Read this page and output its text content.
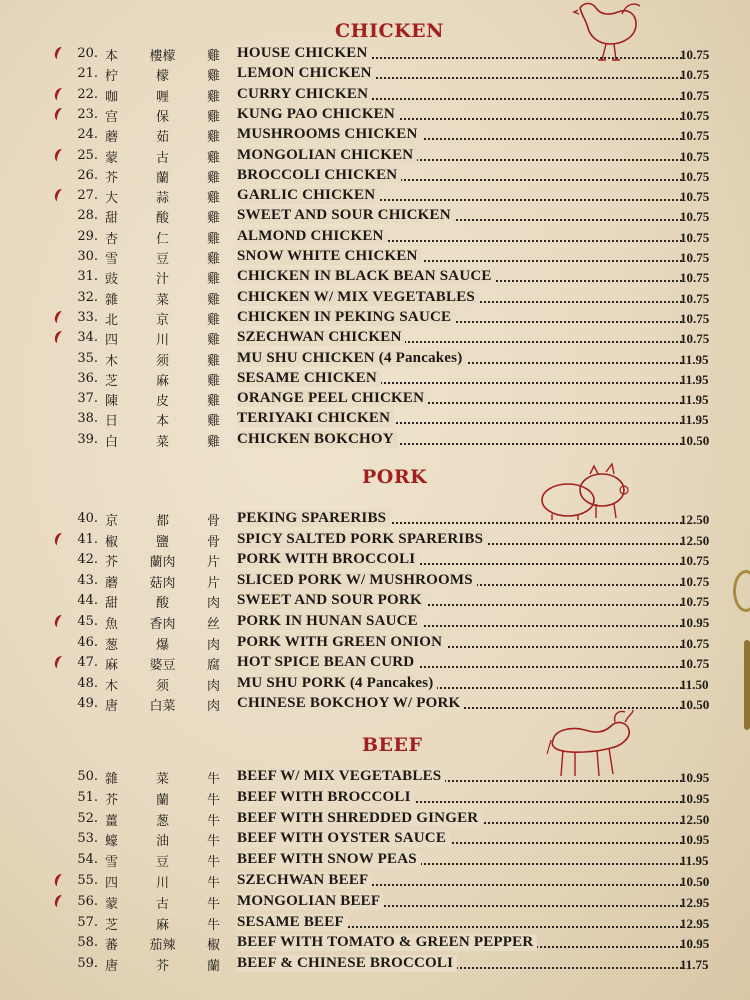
CHICKEN
20. 本	樓檬	雞 HOUSE CHICKEN	10.75
21. 柠	檬	雞 LEMON CHICKEN	10.75
22. 咖	喱	雞 CURRY CHICKEN	10.75
23. 宫	保	雞 KUNG PAO CHICKEN	10.75
24. 蘑	茹	雞 MUSHROOMS CHICKEN	10.75
25. 蒙	古	雞 MONGOLIAN CHICKEN	10.75
26. 芥	蘭	雞 BROCCOLI CHICKEN	10.75
27. 大	蒜	雞 GARLIC CHICKEN	10.75
28. 甜	酸	雞 SWEET AND SOUR CHICKEN	10.75
29. 杏	仁	雞 ALMOND CHICKEN	10.75
30. 雪	豆	雞 SNOW WHITE CHICKEN	10.75
31. 豉	汁	雞 CHICKEN IN BLACK BEAN SAUCE	10.75
32. 雜	菜	雞 CHICKEN W/ MIX VEGETABLES	10.75
33. 北	京	雞 CHICKEN IN PEKING SAUCE	10.75
34. 四	川	雞 SZECHWAN CHICKEN	10.75
35. 木	须	雞 MU SHU CHICKEN (4 Pancakes)	11.95
36. 芝	麻	雞 SESAME CHICKEN	11.95
37. 陳	皮	雞 ORANGE PEEL CHICKEN	11.95
38. 日	本	雞 TERIYAKI CHICKEN	11.95
39. 白	菜	雞 CHICKEN BOKCHOY	10.50
PORK
40. 京	都	骨 PEKING SPARERIBS	12.50
41. 椒	鹽	骨 SPICY SALTED PORK SPARERIBS	12.50
42. 芥	蘭肉	片 PORK WITH BROCCOLI	10.75
43. 蘑	菇肉	片 SLICED PORK W/ MUSHROOMS	10.75
44. 甜	酸	肉 SWEET AND SOUR PORK	10.75
45. 魚	香肉	丝 PORK IN HUNAN SAUCE	10.95
46. 葱	爆	肉 PORK WITH GREEN ONION	10.75
47. 麻	婆豆	腐 HOT SPICE BEAN CURD	10.75
48. 木	须	肉 MU SHU PORK (4 Pancakes)	11.50
49. 唐	白菜	肉 CHINESE BOKCHOY W/ PORK	10.50
BEEF
50. 雜	菜	牛 BEEF W/ MIX VEGETABLES	10.95
51. 芥	蘭	牛 BEEF WITH BROCCOLI	10.95
52. 薑	葱	牛 BEEF WITH SHREDDED GINGER	12.50
53. 蠔	油	牛 BEEF WITH OYSTER SAUCE	10.95
54. 雪	豆	牛 BEEF WITH SNOW PEAS	11.95
55. 四	川	牛 SZECHWAN BEEF	10.50
56. 蒙	古	牛 MONGOLIAN BEEF	12.95
57. 芝	麻	牛 SESAME BEEF	12.95
58. 蕃	茄辣	椒 BEEF WITH TOMATO & GREEN PEPPER	10.95
59. 唐	芥	蘭 BEEF & CHINESE BROCCOLI	11.75
